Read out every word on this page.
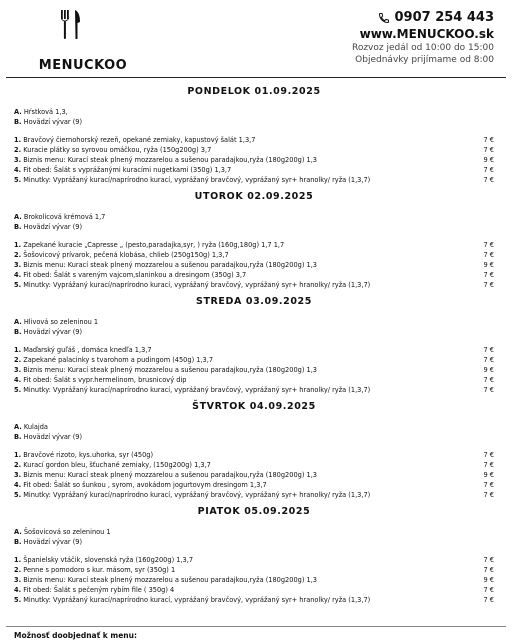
MENUCKOO
0907 254 443
www.MENUCKOO.sk
Rozvoz jedál od 10:00 do 15:00
Objednávky prijímame od 8:00
PONDELOK 01.09.2025
A. Hŕstková 1,3,
B. Hovädzí vývar (9)
1. Bravčový čiernohorský rezeň, opekané zemiaky, kapustový šalát 1,3,7	7 €
2. Kuracie plátky so syrovou omáčkou, ryža (150g200g) 3,7	7 €
3. Biznis menu: Kurací steak plnený mozzarelou a sušenou paradajkou,ryža (180g200g) 1,3	9 €
4. Fit obed: Šalát s vyprážanými kuracími nugetkami (350g) 1,3,7	7 €
5. Minutky: Vyprážaný kurací/naprírodno kurací, vyprážaný bravčový, vyprážaný syr+ hranolky/ ryža (1,3,7)	7 €
UTOROK 02.09.2025
A. Brokolicová krémová 1,7
B. Hovädzí vývar (9)
1. Zapekané kuracie „Capresse „ (pesto,paradajka,syr, ) ryža (160g,180g) 1,7 1,7	7 €
2. Šošovicový prívarok, pečená klobása, chlieb (250g150g) 1,3,7	7 €
3. Biznis menu: Kurací steak plnený mozzarelou a sušenou paradajkou,ryža (180g200g) 1,3	9 €
4. Fit obed: Šalát s vareným vajcom,slaninkou a dresingom (350g) 3,7	7 €
5. Minutky: Vyprážaný kurací/naprírodno kurací, vyprážaný bravčový, vyprážaný syr+ hranolky/ ryža (1,3,7)	7 €
STREDA 03.09.2025
A. Hlivová so zeleninou 1
B. Hovädzí vývar (9)
1. Maďarský guľáš , domáca knedľa 1,3,7	7 €
2. Zapekané palacinky s tvarohom a pudingom (450g) 1,3,7	7 €
3. Biznis menu: Kurací steak plnený mozzarelou a sušenou paradajkou,ryža (180g200g) 1,3	9 €
4. Fit obed: Šalát s vypr.hermelinom, brusnicový dip	7 €
5. Minutky: Vyprážaný kurací/naprírodno kurací, vyprážaný bravčový, vyprážaný syr+ hranolky/ ryža (1,3,7)	7 €
ŠTVRTOK 04.09.2025
A. Kulajda
B. Hovädzí vývar (9)
1. Bravčové rizoto, kys.uhorka, syr (450g)	7 €
2. Kurací gordon bleu, šťuchané zemiaky, (150g200g) 1,3,7	7 €
3. Biznis menu: Kurací steak plnený mozzarelou a sušenou paradajkou,ryža (180g200g) 1,3	9 €
4. Fit obed: Šalát so šunkou , syrom, avokádom jogurtovym dresingom 1,3,7	7 €
5. Minutky: Vyprážaný kurací/naprírodno kurací, vyprážaný bravčový, vyprážaný syr+ hranolky/ ryža (1,3,7)	7 €
PIATOK 05.09.2025
A. Šošovicová so zeleninou 1
B. Hovädzí vývar (9)
1. Španielsky vtáčik, slovenská ryža (160g200g) 1,3,7	7 €
2. Penne s pomodoro s kur. másom, syr (350g) 1	7 €
3. Biznis menu: Kurací steak plnený mozzarelou a sušenou paradajkou,ryža (180g200g) 1,3	9 €
4. Fit obed: Šalát s pečeným rybím file ( 350g) 4	7 €
5. Minutky: Vyprážaný kurací/naprírodno kurací, vyprážaný bravčový, vyprážaný syr+ hranolky/ ryža (1,3,7)	7 €
Možnosť doobjednať k menu:
